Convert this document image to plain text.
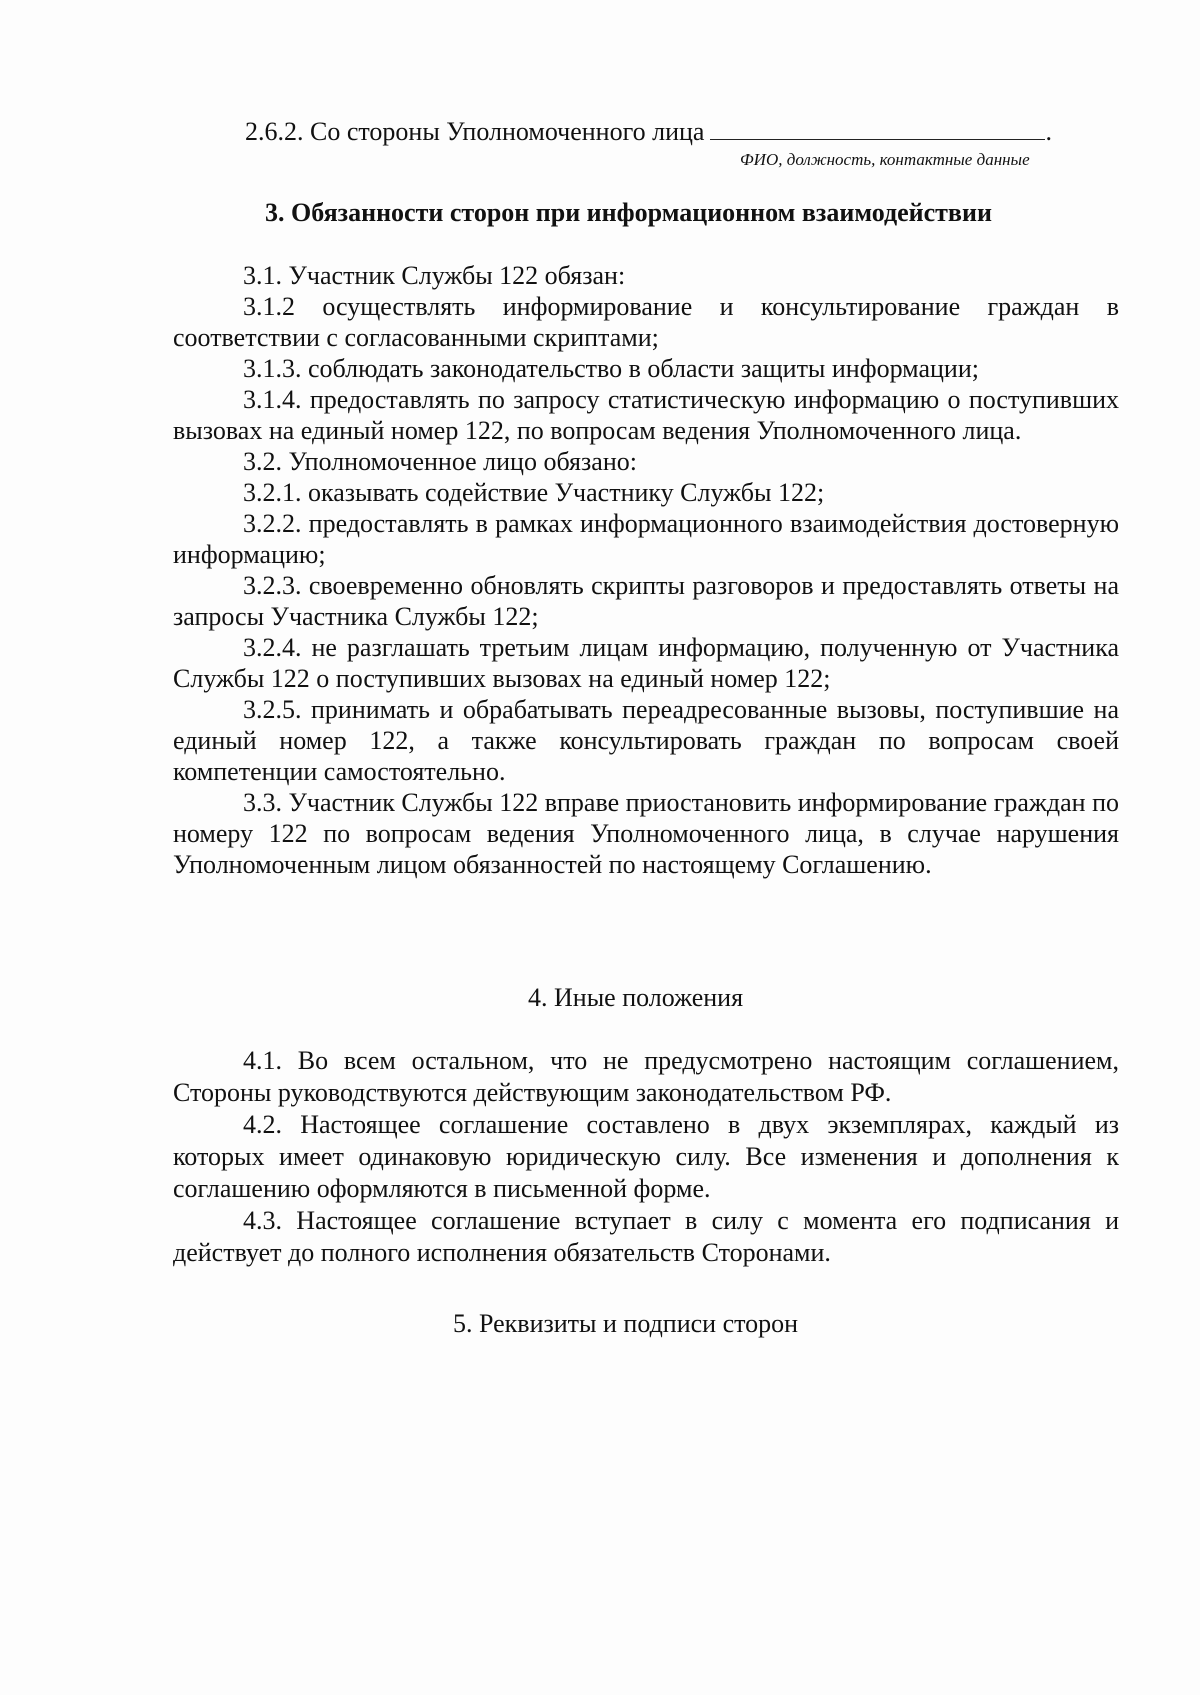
2.6.2. Со стороны Уполномоченного лица	.
ФИО, должность, контактные данные
3. Обязанности сторон при информационном взаимодействии

3.1. Участник Службы 122 обязан:

3.1.2 осуществлять информирование и консультирование граждан в соответствии с согласованными скриптами;

3.1.3. соблюдать законодательство в области защиты информации;

3.1.4. предоставлять по запросу статистическую информацию о поступивших вызовах на единый номер 122, по вопросам ведения Уполномоченного лица.

3.2. Уполномоченное лицо обязано:

3.2.1. оказывать содействие Участнику Службы 122;

3.2.2. предоставлять в рамках информационного взаимодействия достоверную информацию;

3.2.3. своевременно обновлять скрипты разговоров и предоставлять ответы на запросы Участника Службы 122;

3.2.4. не разглашать третьим лицам информацию, полученную от Участника Службы 122 о поступивших вызовах на единый номер 122;

3.2.5. принимать и обрабатывать переадресованные вызовы, поступившие на единый номер 122, а также консультировать граждан по вопросам своей компетенции самостоятельно.

3.3. Участник Службы 122 вправе приостановить информирование граждан по номеру 122 по вопросам ведения Уполномоченного лица, в случае нарушения Уполномоченным лицом обязанностей по настоящему Соглашению.

4. Иные положения

4.1. Во всем остальном, что не предусмотрено настоящим соглашением, Стороны руководствуются действующим законодательством РФ.

4.2. Настоящее соглашение составлено в двух экземплярах, каждый из которых имеет одинаковую юридическую силу. Все изменения и дополнения к соглашению оформляются в письменной форме.

4.3. Настоящее соглашение вступает в силу с момента его подписания и действует до полного исполнения обязательств Сторонами.

5. Реквизиты и подписи сторон
